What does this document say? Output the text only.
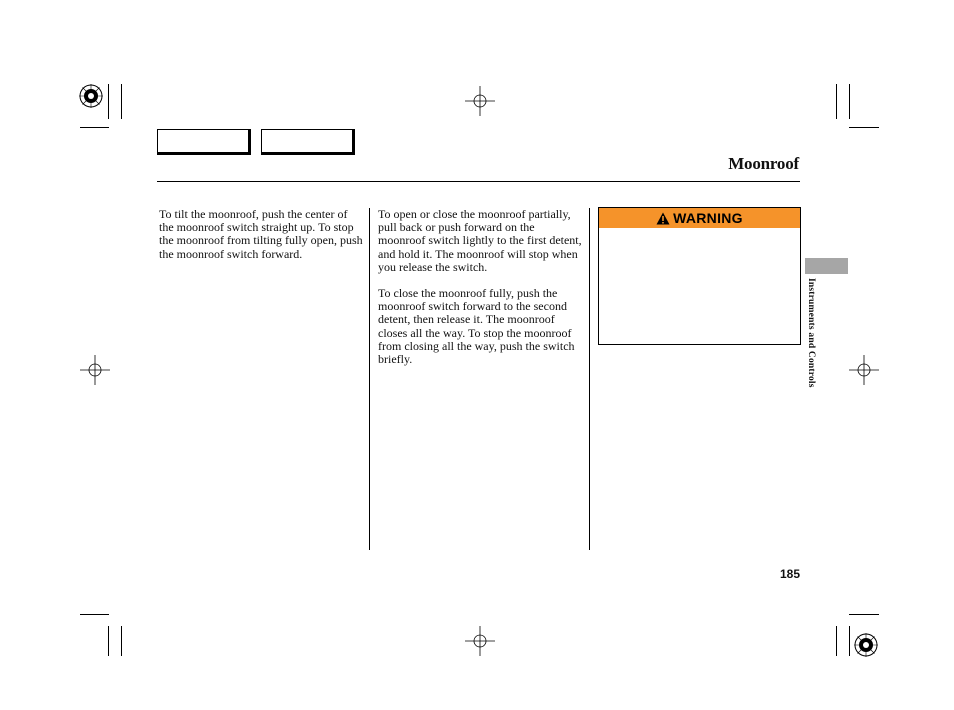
Moonroof

To tilt the moonroof, push the center of the moonroof switch straight up. To stop the moonroof from tilting fully open, push the moonroof switch forward.

To open or close the moonroof partially, pull back or push forward on the moonroof switch lightly to the first detent, and hold it. The moonroof will stop when you release the switch.

To close the moonroof fully, push the moonroof switch forward to the second detent, then release it. The moonroof closes all the way. To stop the moonroof from closing all the way, push the switch briefly.

WARNING
Instruments and Controls
185
